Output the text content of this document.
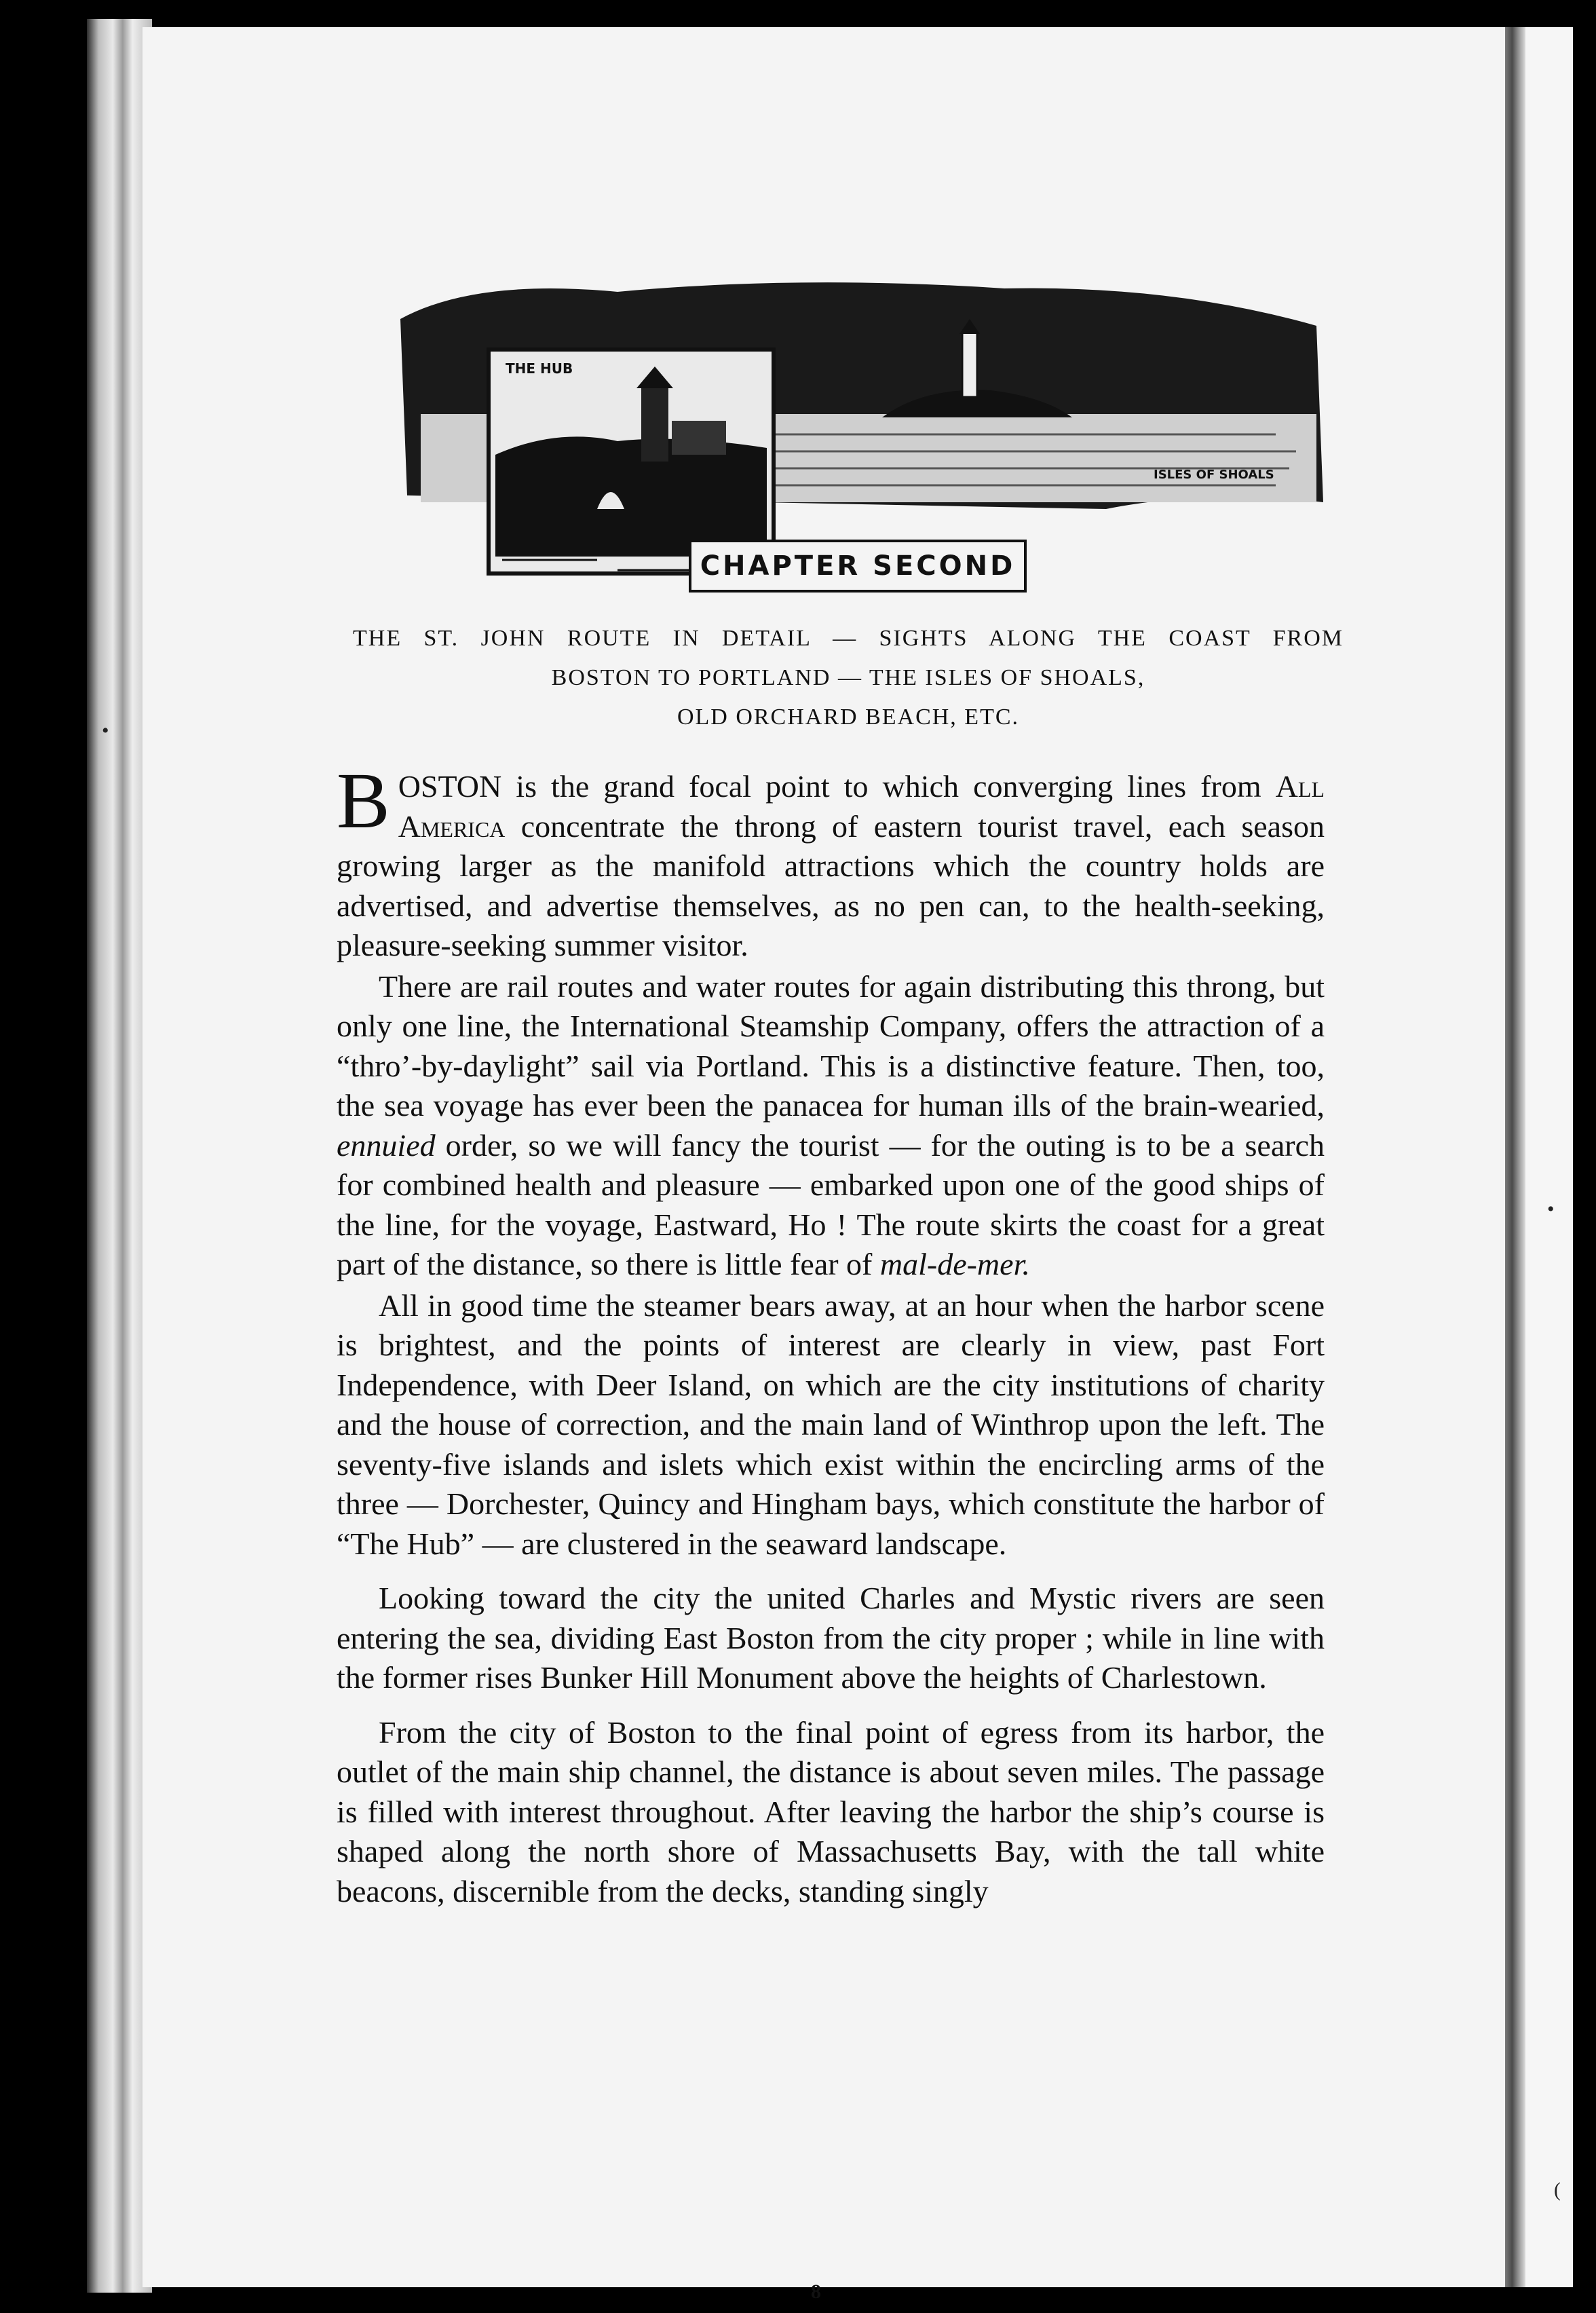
•
•
(
THE HUB
ISLES OF SHOALS
CHAPTER SECOND
THE ST. JOHN ROUTE IN DETAIL — SIGHTS ALONG THE COAST FROM
BOSTON TO PORTLAND — THE ISLES OF SHOALS,
OLD ORCHARD BEACH, ETC.

BOSTON is the grand focal point to which converging lines from All America concentrate the throng of eastern tourist travel, each season growing larger as the manifold attractions which the country holds are advertised, and advertise themselves, as no pen can, to the health-seeking, pleasure-seeking summer visitor.

There are rail routes and water routes for again distributing this throng, but only one line, the International Steamship Company, offers the attraction of a “thro’-by-daylight” sail via Portland. This is a distinctive feature. Then, too, the sea voyage has ever been the panacea for human ills of the brain-wearied, ennuied order, so we will fancy the tourist — for the outing is to be a search for combined health and pleasure — embarked upon one of the good ships of the line, for the voyage, Eastward, Ho ! The route skirts the coast for a great part of the distance, so there is little fear of mal-de-mer.

All in good time the steamer bears away, at an hour when the harbor scene is brightest, and the points of interest are clearly in view, past Fort Independence, with Deer Island, on which are the city institutions of charity and the house of correction, and the main land of Winthrop upon the left. The seventy-five islands and islets which exist within the encircling arms of the three — Dorchester, Quincy and Hingham bays, which constitute the harbor of “The Hub” — are clustered in the seaward landscape.

Looking toward the city the united Charles and Mystic rivers are seen entering the sea, dividing East Boston from the city proper ; while in line with the former rises Bunker Hill Monument above the heights of Charlestown.

From the city of Boston to the final point of egress from its harbor, the outlet of the main ship channel, the distance is about seven miles. The passage is filled with interest throughout. After leaving the harbor the ship’s course is shaped along the north shore of Massachusetts Bay, with the tall white beacons, discernible from the decks, standing singly

8
